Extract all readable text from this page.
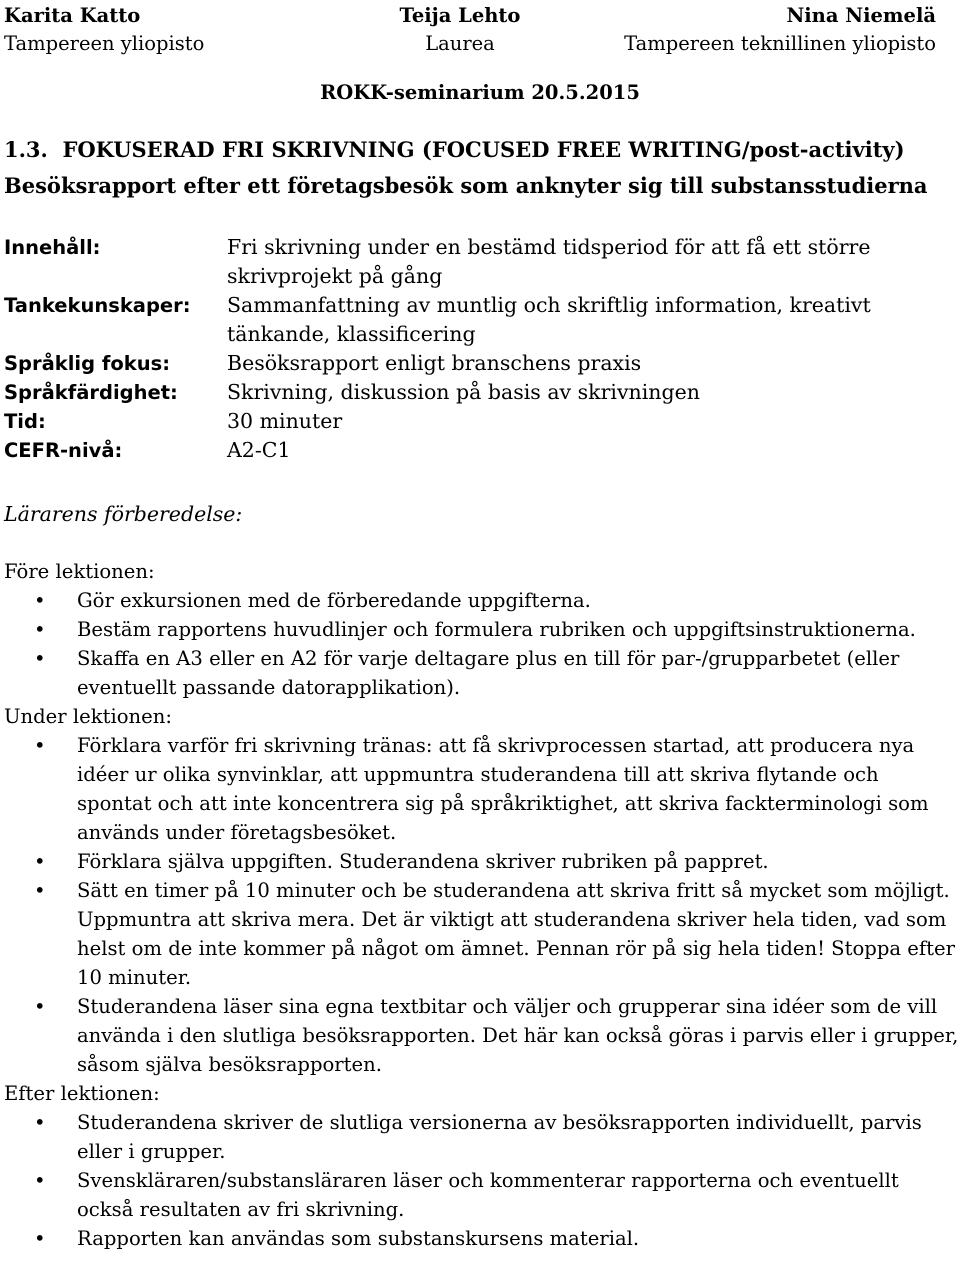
Karita Katto	Teija Lehto	Nina Niemelä
Tampereen yliopisto	Laurea	Tampereen teknillinen yliopisto
ROKK-seminarium 20.5.2015
1.3. FOKUSERAD FRI SKRIVNING (FOCUSED FREE WRITING/post-activity)
Besöksrapport efter ett företagsbesök som anknyter sig till substansstudierna
Innehåll:	Fri skrivning under en bestämd tidsperiod för att få ett större skrivprojekt på gång
Tankekunskaper:	Sammanfattning av muntlig och skriftlig information, kreativt tänkande, klassificering
Språklig fokus:	Besöksrapport enligt branschens praxis
Språkfärdighet:	Skrivning, diskussion på basis av skrivningen
Tid:	30 minuter
CEFR-nivå:	A2-C1
Lärarens förberedelse:
Före lektionen:
• Gör exkursionen med de förberedande uppgifterna.
• Bestäm rapportens huvudlinjer och formulera rubriken och uppgiftsinstruktionerna.
• Skaffa en A3 eller en A2 för varje deltagare plus en till för par-/grupparbetet (eller eventuellt passande datorapplikation).
Under lektionen:
• Förklara varför fri skrivning tränas: att få skrivprocessen startad, att producera nya idéer ur olika synvinklar, att uppmuntra studerandena till att skriva flytande och spontat och att inte koncentrera sig på språkriktighet, att skriva fackterminologi som används under företagsbesöket.
• Förklara själva uppgiften. Studerandena skriver rubriken på pappret.
• Sätt en timer på 10 minuter och be studerandena att skriva fritt så mycket som möjligt. Uppmuntra att skriva mera. Det är viktigt att studerandena skriver hela tiden, vad som helst om de inte kommer på något om ämnet. Pennan rör på sig hela tiden! Stoppa efter 10 minuter.
• Studerandena läser sina egna textbitar och väljer och grupperar sina idéer som de vill använda i den slutliga besöksrapporten. Det här kan också göras i parvis eller i grupper, såsom själva besöksrapporten.
Efter lektionen:
• Studerandena skriver de slutliga versionerna av besöksrapporten individuellt, parvis eller i grupper.
• Svenskläraren/substansläraren läser och kommenterar rapporterna och eventuellt också resultaten av fri skrivning.
• Rapporten kan användas som substanskursens material.
